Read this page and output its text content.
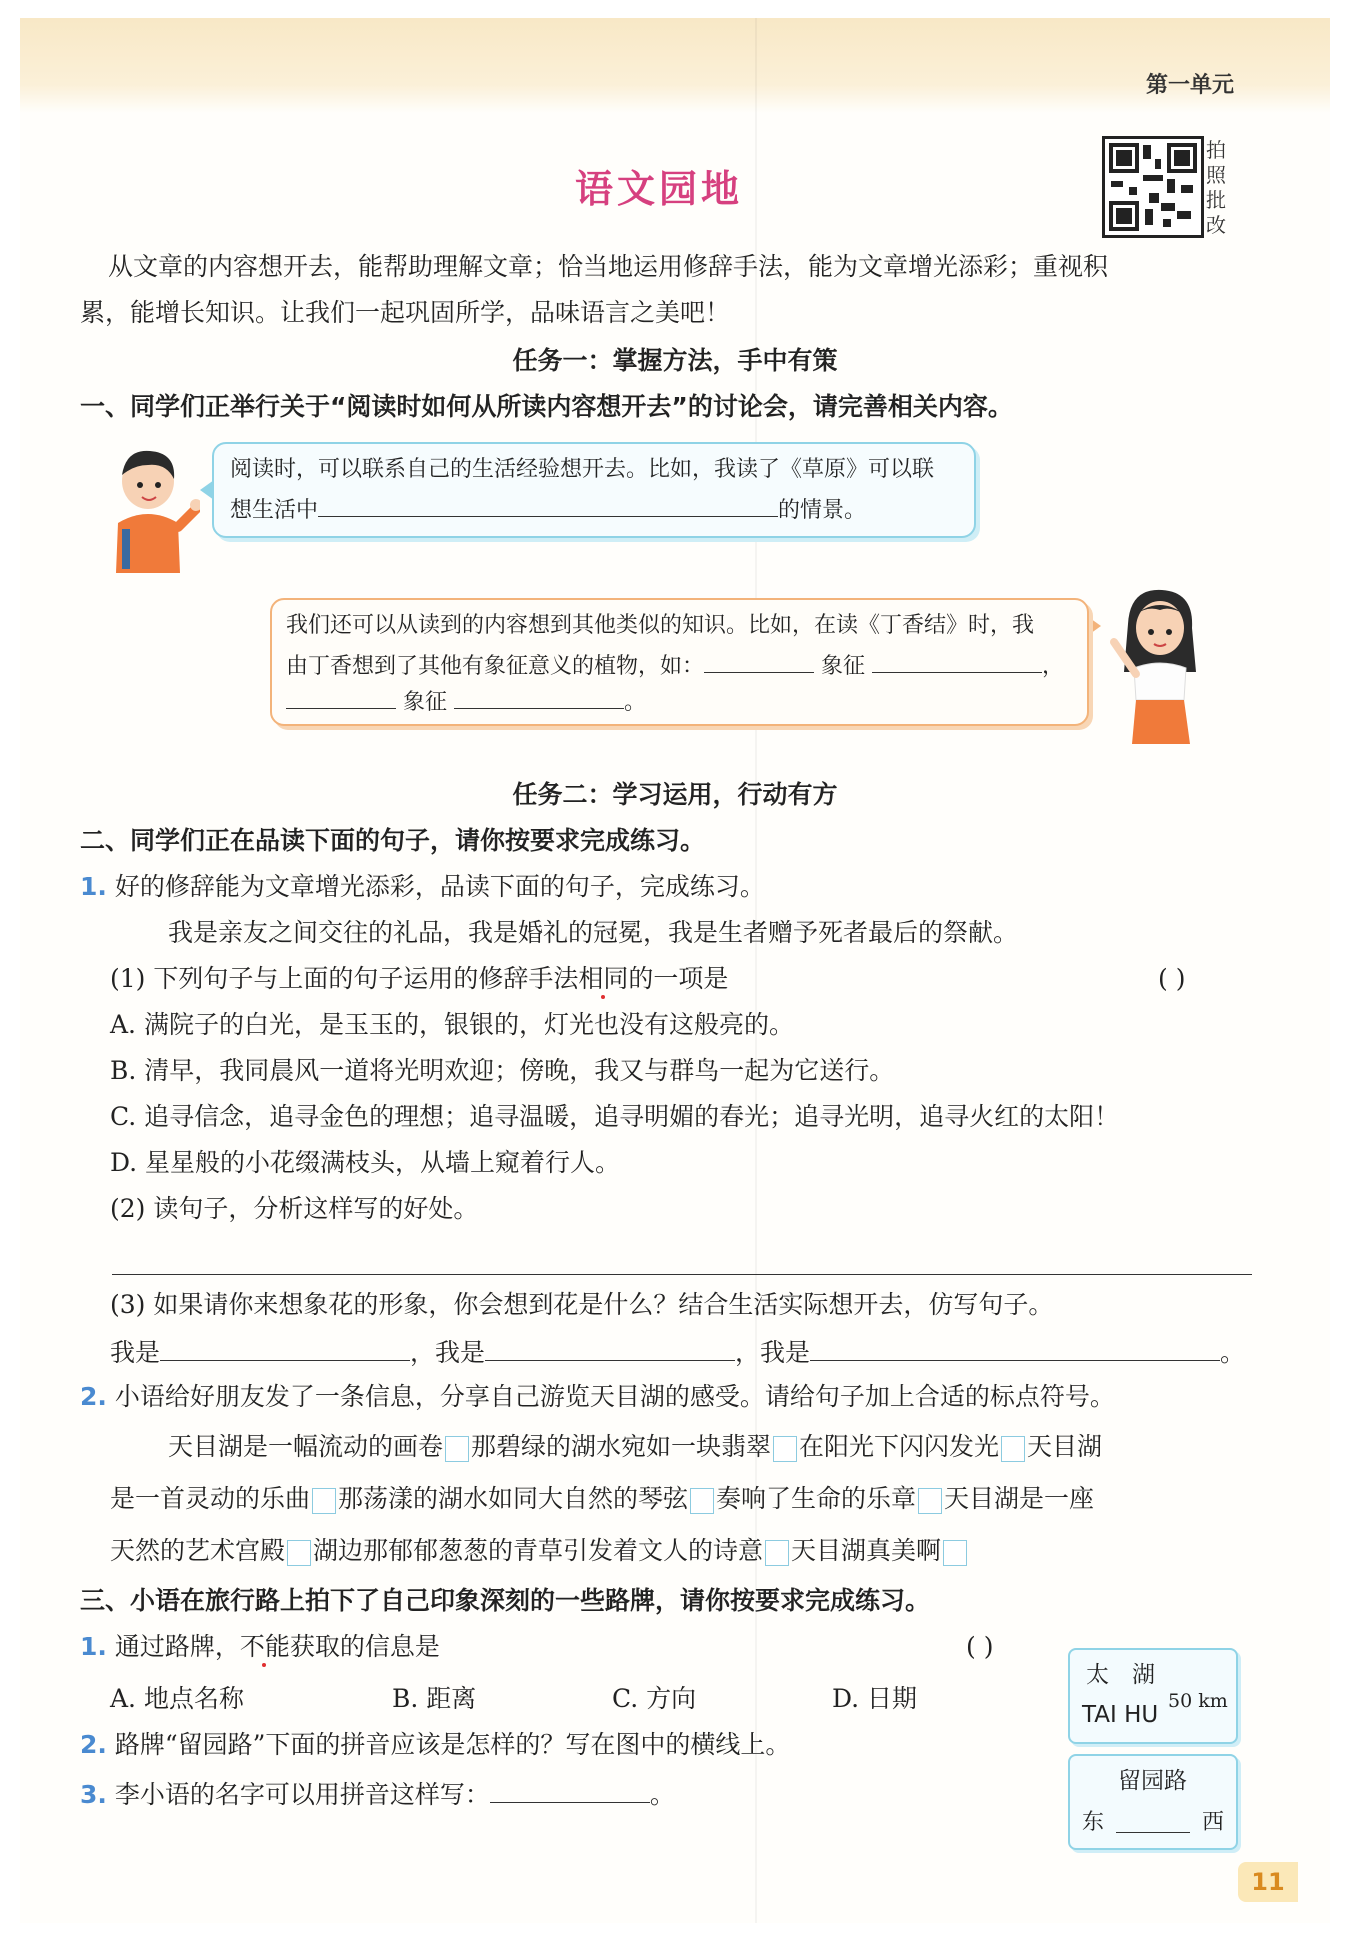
第一单元
语文园地
拍照批改
从文章的内容想开去，能帮助理解文章；恰当地运用修辞手法，能为文章增光添彩；重视积
累，能增长知识。让我们一起巩固所学，品味语言之美吧！
任务一：掌握方法，手中有策
一、同学们正举行关于“阅读时如何从所读内容想开去”的讨论会，请完善相关内容。
阅读时，可以联系自己的生活经验想开去。比如，我读了《草原》可以联
想生活中	的情景。
我们还可以从读到的内容想到其他类似的知识。比如，在读《丁香结》时，我
由丁香想到了其他有象征意义的植物，如：	象征	，
象征	。
任务二：学习运用，行动有方
二、同学们正在品读下面的句子，请你按要求完成练习。
1. 好的修辞能为文章增光添彩，品读下面的句子，完成练习。
我是亲友之间交往的礼品，我是婚礼的冠冕，我是生者赠予死者最后的祭献。
(1) 下列句子与上面的句子运用的修辞手法相同的一项是	( )
A. 满院子的白光，是玉玉的，银银的，灯光也没有这般亮的。
B. 清早，我同晨风一道将光明欢迎；傍晚，我又与群鸟一起为它送行。
C. 追寻信念，追寻金色的理想；追寻温暖，追寻明媚的春光；追寻光明，追寻火红的太阳！
D. 星星般的小花缀满枝头，从墙上窥着行人。
(2) 读句子，分析这样写的好处。
(3) 如果请你来想象花的形象，你会想到花是什么？结合生活实际想开去，仿写句子。
我是	，我是	，我是	。
2. 小语给好朋友发了一条信息，分享自己游览天目湖的感受。请给句子加上合适的标点符号。
天目湖是一幅流动的画卷 那碧绿的湖水宛如一块翡翠 在阳光下闪闪发光 天目湖
是一首灵动的乐曲 那荡漾的湖水如同大自然的琴弦 奏响了生命的乐章 天目湖是一座
天然的艺术宫殿 湖边那郁郁葱葱的青草引发着文人的诗意 天目湖真美啊
三、小语在旅行路上拍下了自己印象深刻的一些路牌，请你按要求完成练习。
1. 通过路牌，不能获取的信息是	( )
A. 地点名称	B. 距离	C. 方向	D. 日期
2. 路牌“留园路”下面的拼音应该是怎样的？写在图中的横线上。
3. 李小语的名字可以用拼音这样写：	。
太　湖
TAI HU
50 km
留园路
东	西
11
